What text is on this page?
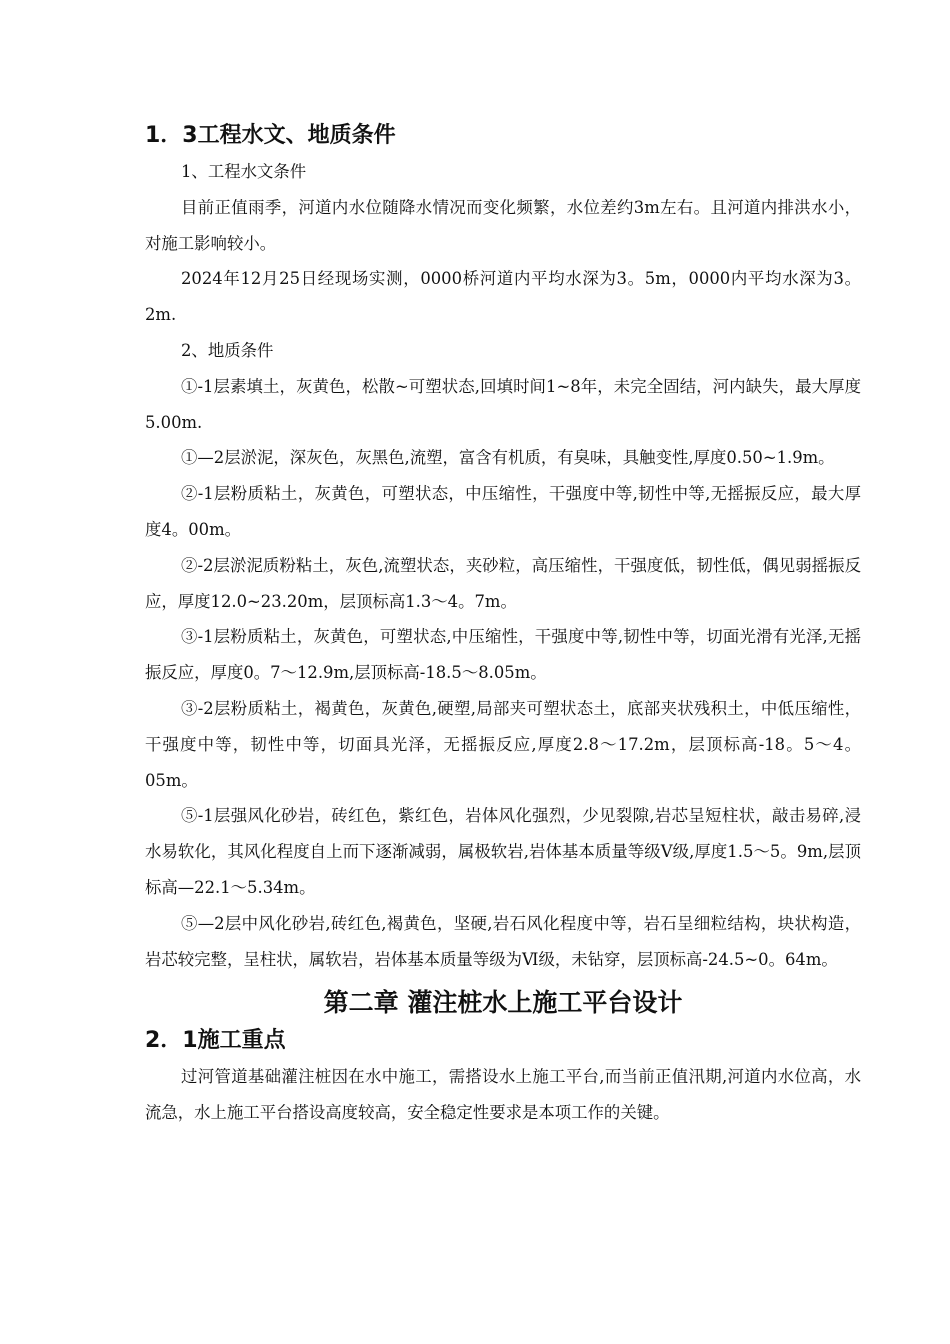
1．3工程水文、地质条件

1、工程水文条件

目前正值雨季，河道内水位随降水情况而变化频繁，水位差约3m左右。且河道内排洪水小，对施工影响较小。

2024年12月25日经现场实测，0000桥河道内平均水深为3。5m，0000内平均水深为3。2m.

2、地质条件

①-1层素填土，灰黄色，松散~可塑状态,回填时间1~8年，未完全固结，河内缺失，最大厚度5.00m.

①—2层淤泥，深灰色，灰黑色,流塑，富含有机质，有臭味，具触变性,厚度0.50~1.9m。

②-1层粉质粘土，灰黄色，可塑状态，中压缩性，干强度中等,韧性中等,无摇振反应，最大厚度4。00m。

②-2层淤泥质粉粘土，灰色,流塑状态，夹砂粒，高压缩性，干强度低，韧性低，偶见弱摇振反应，厚度12.0~23.20m，层顶标高1.3～4。7m。

③-1层粉质粘土，灰黄色，可塑状态,中压缩性，干强度中等,韧性中等，切面光滑有光泽,无摇振反应，厚度0。7～12.9m,层顶标高-18.5～8.05m。

③-2层粉质粘土，褐黄色，灰黄色,硬塑,局部夹可塑状态土，底部夹状残积土，中低压缩性，干强度中等，韧性中等，切面具光泽，无摇振反应,厚度2.8～17.2m，层顶标高-18。5～4。05m。

⑤-1层强风化砂岩，砖红色，紫红色，岩体风化强烈，少见裂隙,岩芯呈短柱状，敲击易碎,浸水易软化，其风化程度自上而下逐渐减弱，属极软岩,岩体基本质量等级Ⅴ级,厚度1.5～5。9m,层顶标高—22.1～5.34m。

⑤—2层中风化砂岩,砖红色,褐黄色，坚硬,岩石风化程度中等，岩石呈细粒结构，块状构造，岩芯较完整，呈柱状，属软岩，岩体基本质量等级为Ⅵ级，未钻穿，层顶标高-24.5~0。64m。

第二章 灌注桩水上施工平台设计
2．1施工重点

过河管道基础灌注桩因在水中施工，需搭设水上施工平台,而当前正值汛期,河道内水位高，水流急，水上施工平台搭设高度较高，安全稳定性要求是本项工作的关键。
